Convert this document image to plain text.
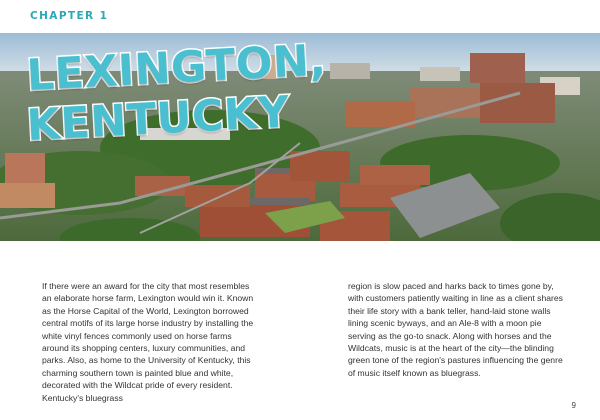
CHAPTER 1
LEXINGTON,
KENTUCKY

If there were an award for the city that most resembles an elaborate horse farm, Lexington would win it. Known as the Horse Capital of the World, Lexington borrowed central motifs of its large horse industry by installing the white vinyl fences commonly used on horse farms around its shopping centers, luxury communities, and parks. Also, as home to the University of Kentucky, this charming southern town is painted blue and white, decorated with the Wildcat pride of every resident. Kentucky's bluegrass

region is slow paced and harks back to times gone by, with customers patiently waiting in line as a client shares their life story with a bank teller, hand-laid stone walls lining scenic byways, and an Ale-8 with a moon pie serving as the go-to snack. Along with horses and the Wildcats, music is at the heart of the city—the blinding green tone of the region's pastures influencing the genre of music itself known as bluegrass.

9
